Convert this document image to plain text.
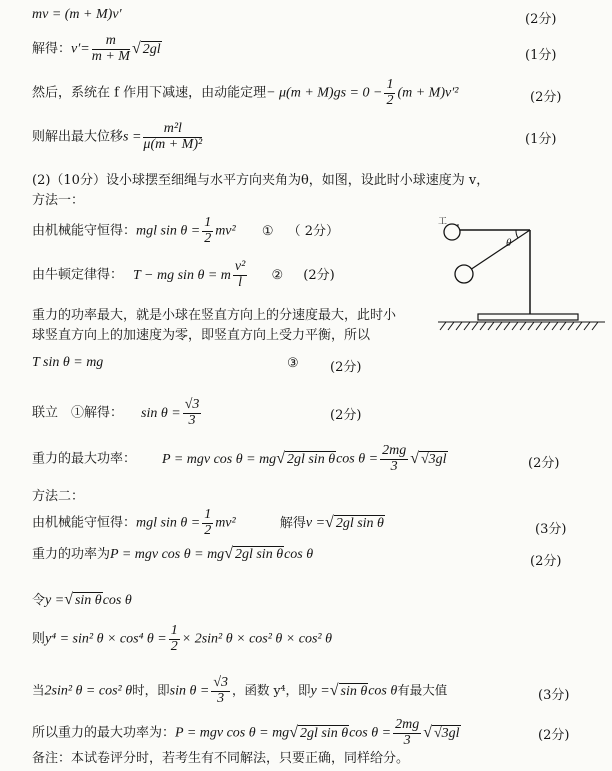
mv = (m + M)v′	(2分)
解得：$v'= \frac{m}{m + M}$ √ 2gl	(1分)
然后，系统在 f 作用下减速，由动能定理− $\mu(m + M)gs = 0 - \frac{1}{2} (m + M)v'^2$	(2分)
则解出最大位移$s = \frac{\text{m²l}}{\text{μ(m + M)²}}$	(1分)
(2)（10分）设小球摆至细绳与水平方向夹角为θ，如图，设此时小球速度为 v，
方法一：
由机械能守恒得：mgl $\sin \theta = \frac{1}{2} mv^2$ ① （ 2分）
由牛顿定律得： T − mg sin θ = m $\frac{\text{v²}}{l}$ ② (2分)
重力的功率最大，就是小球在竖直方向上的分速度最大，此时小
球竖直方向上的加速度为零，即竖直方向上受力平衡，所以
T sin θ = mg	③ (2分)
联立　①解得： $\sin \theta = \frac{√3}{3}$	(2分)
重力的最大功率： P = mgv cos θ = mg√ 2gl sin θcos $\theta = \frac{2mg}{3}$ √ √3gl	(2分)
方法二：
由机械能守恒得：mgl $\sin \theta = \frac{1}{2} mv^2$	解得v =√ 2gl sin θ	(3分)
重力的功率为P = mgv cos θ = mg√ 2gl sin θcos θ	(2分)
令y =√ sin θcos θ
则y⁴ = sin² θ × cos⁴ $\theta = \frac{1}{2} \times 2\sin^2$ θ × cos² θ × cos² θ
当2sin² θ = cos² θ时，即$\sin \theta = \frac{√3}{3}$ ，函数 y⁴，即y =√ sin θcos θ有最大值	(3分)
所以重力的最大功率为：P = mgv cos θ = mg√ 2gl sin θcos $\theta = \frac{2mg}{3}$ √ √3gl	(2分)
备注：本试卷评分时，若考生有不同解法，只要正确，同样给分。
θ
工
